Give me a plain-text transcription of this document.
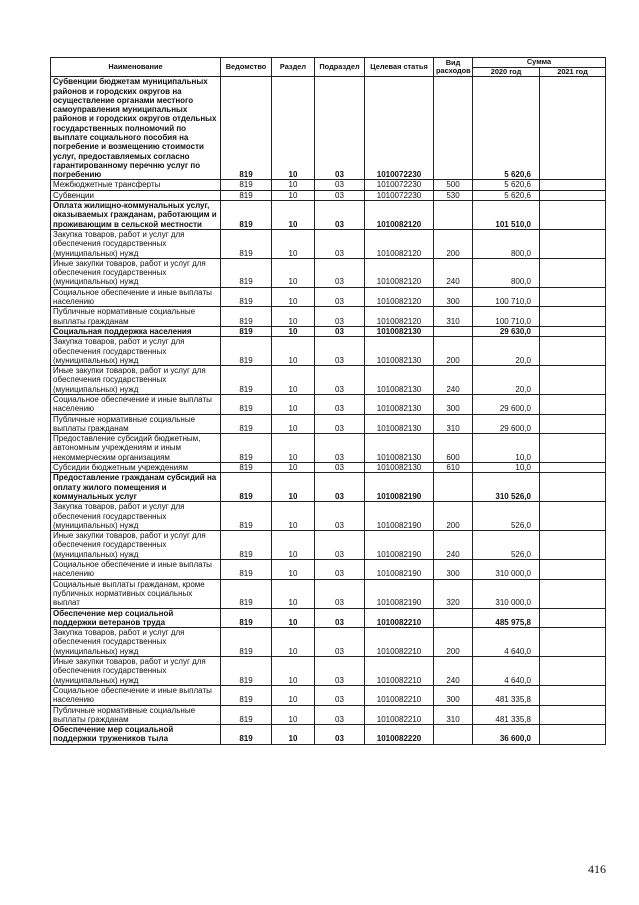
Наименование	Ведомство	Раздел	Подраздел	Целевая статья	Вид расходов	Сумма	
						2020 год	2021 год
Субвенции бюджетам муниципальных районов и городских округов на осуществление органами местного самоуправления муниципальных районов и городских округов отдельных государственных полномочий по выплате социального пособия на погребение и возмещению стоимости услуг, предоставляемых согласно гарантированному перечню услуг по погребению	819	10	03	1010072230		5 620,6	
Межбюджетные трансферты	819	10	03	1010072230	500	5 620,6	
Субвенции	819	10	03	1010072230	530	5 620,6	
Оплата жилищно-коммунальных услуг, оказываемых гражданам, работающим и проживающим в сельской местности	819	10	03	1010082120		101 510,0	
Закупка товаров, работ и услуг для обеспечения государственных (муниципальных) нужд	819	10	03	1010082120	200	800,0	
Иные закупки товаров, работ и услуг для обеспечения государственных (муниципальных) нужд	819	10	03	1010082120	240	800,0	
Социальное обеспечение и иные выплаты населению	819	10	03	1010082120	300	100 710,0	
Публичные нормативные социальные выплаты гражданам	819	10	03	1010082120	310	100 710,0	
Социальная поддержка населения	819	10	03	1010082130		29 630,0	
Закупка товаров, работ и услуг для обеспечения государственных (муниципальных) нужд	819	10	03	1010082130	200	20,0	
Иные закупки товаров, работ и услуг для обеспечения государственных (муниципальных) нужд	819	10	03	1010082130	240	20,0	
Социальное обеспечение и иные выплаты населению	819	10	03	1010082130	300	29 600,0	
Публичные нормативные социальные выплаты гражданам	819	10	03	1010082130	310	29 600,0	
Предоставление субсидий бюджетным, автономным учреждениям и иным некоммерческим организациям	819	10	03	1010082130	600	10,0	
Субсидии бюджетным учреждениям	819	10	03	1010082130	610	10,0	
Предоставление гражданам субсидий на оплату жилого помещения и коммунальных услуг	819	10	03	1010082190		310 526,0	
Закупка товаров, работ и услуг для обеспечения государственных (муниципальных) нужд	819	10	03	1010082190	200	526,0	
Иные закупки товаров, работ и услуг для обеспечения государственных (муниципальных) нужд	819	10	03	1010082190	240	526,0	
Социальное обеспечение и иные выплаты населению	819	10	03	1010082190	300	310 000,0	
Социальные выплаты гражданам, кроме публичных нормативных социальных выплат	819	10	03	1010082190	320	310 000,0	
Обеспечение мер социальной поддержки ветеранов труда	819	10	03	1010082210		485 975,8	
Закупка товаров, работ и услуг для обеспечения государственных (муниципальных) нужд	819	10	03	1010082210	200	4 640,0	
Иные закупки товаров, работ и услуг для обеспечения государственных (муниципальных) нужд	819	10	03	1010082210	240	4 640,0	
Социальное обеспечение и иные выплаты населению	819	10	03	1010082210	300	481 335,8	
Публичные нормативные социальные выплаты гражданам	819	10	03	1010082210	310	481 335,8	
Обеспечение мер социальной поддержки тружеников тыла	819	10	03	1010082220		36 600,0	
416
